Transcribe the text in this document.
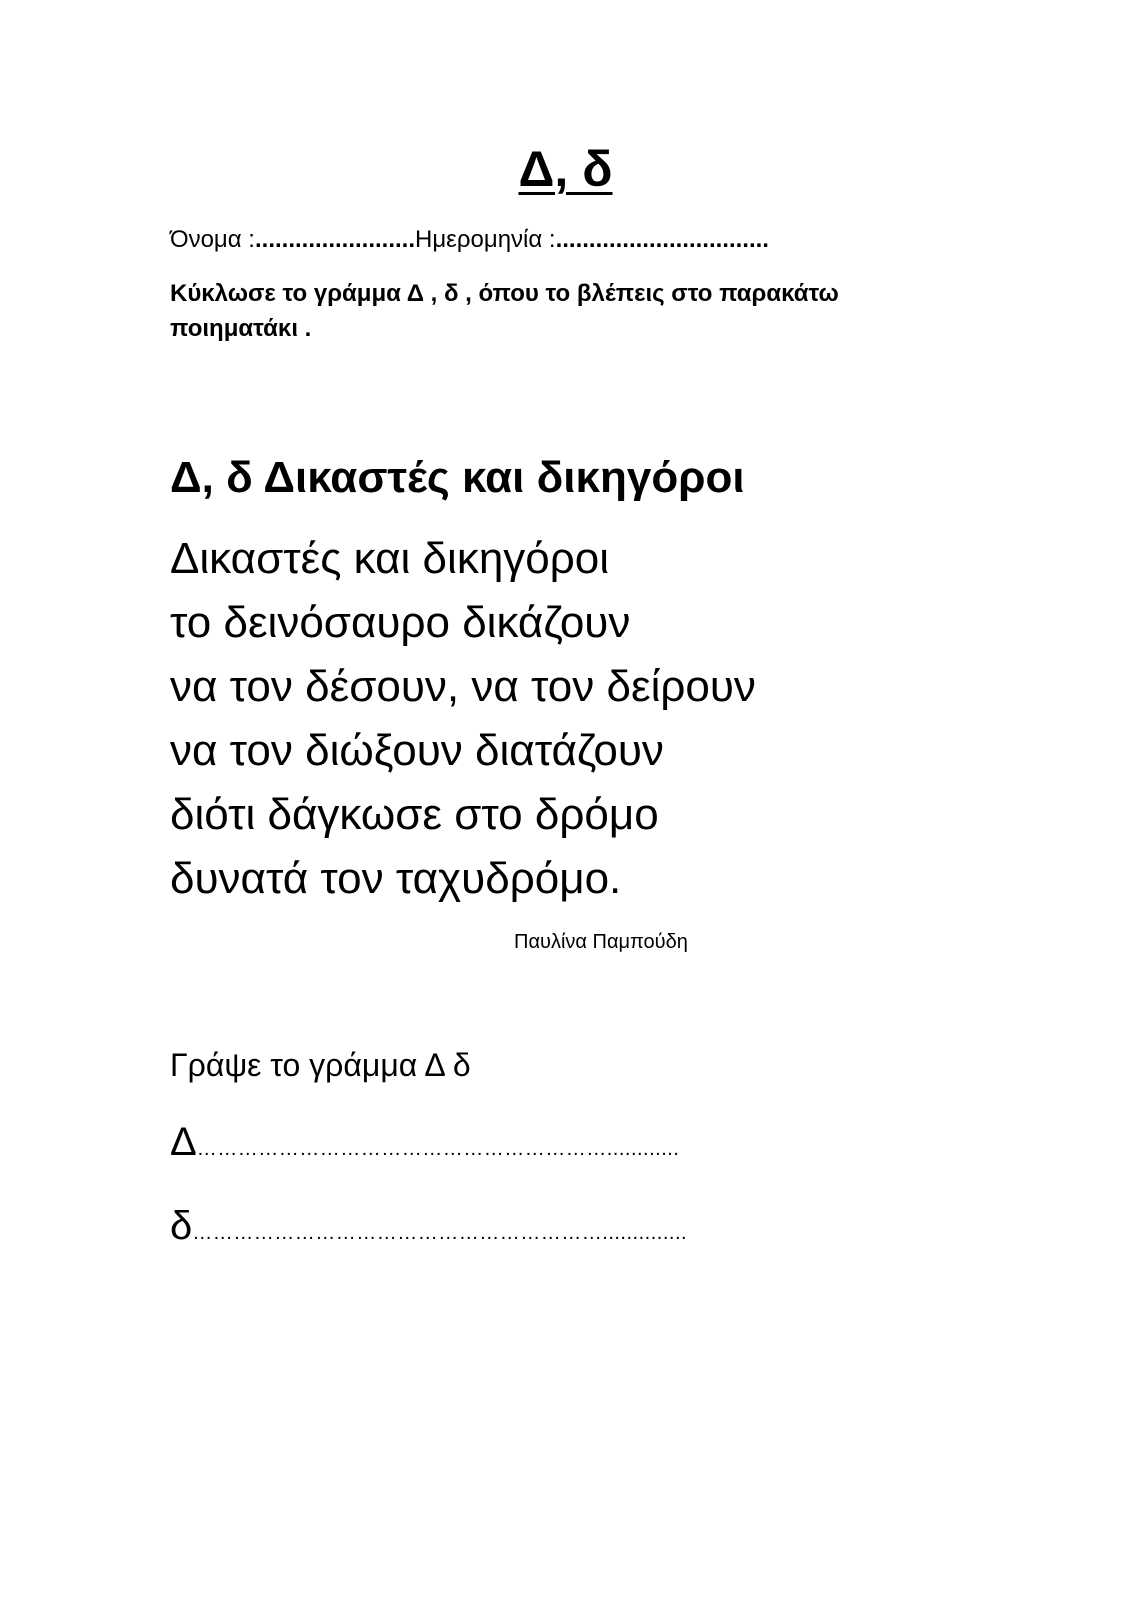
Δ, δ
Όνομα :........................Ημερομηνία :................................
Κύκλωσε το γράμμα Δ , δ , όπου το βλέπεις στο παρακάτω ποιηματάκι .
Δ, δ Δικαστές και δικηγόροι
Δικαστές και δικηγόροι
το δεινόσαυρο δικάζουν
να τον δέσουν, να τον δείρουν
να τον διώξουν διατάζουν
διότι δάγκωσε στο δρόμο
δυνατά τον ταχυδρόμο.
Παυλίνα Παμπούδη
Γράψε το γράμμα Δ δ
Δ……………………………………………………............
δ……………………………………………………..............
